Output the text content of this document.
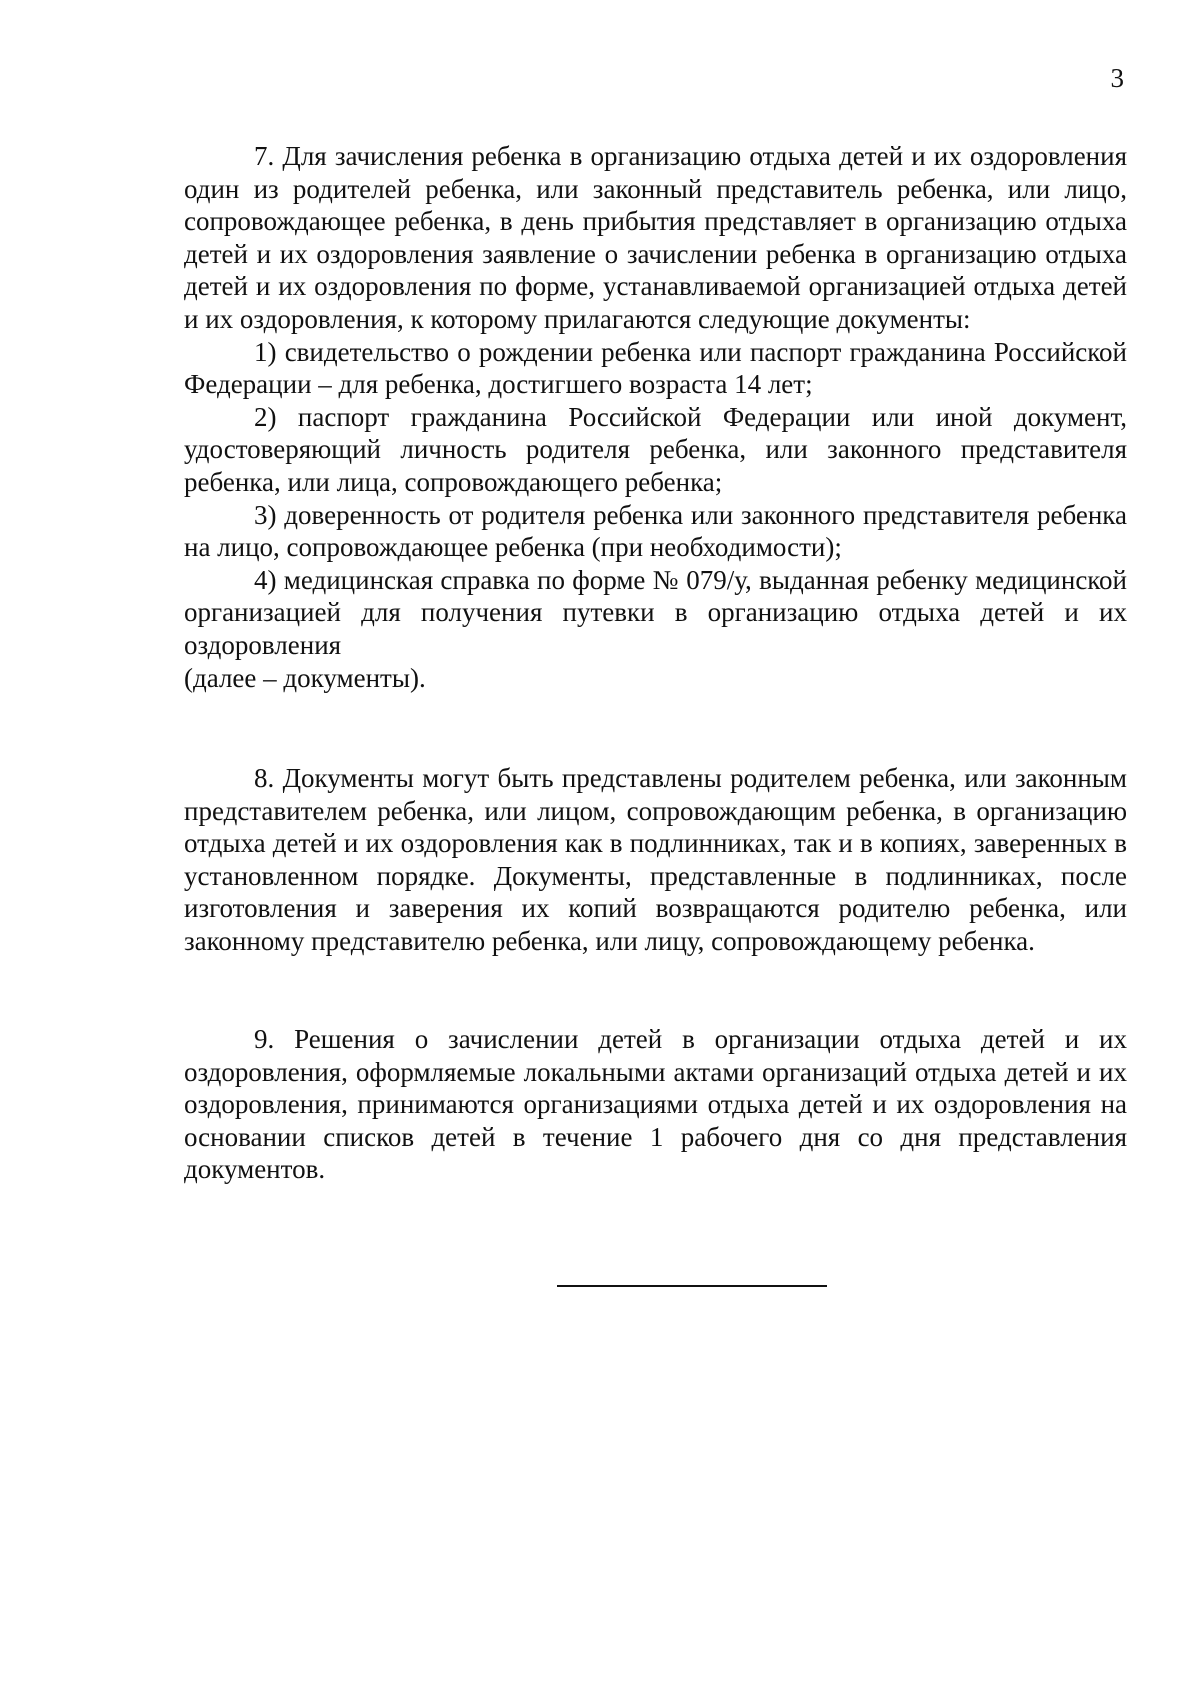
3

7. Для зачисления ребенка в организацию отдыха детей и их оздоровления один из родителей ребенка, или законный представитель ребенка, или лицо, сопровождающее ребенка, в день прибытия представляет в организацию отдыха детей и их оздоровления заявление о зачислении ребенка в организацию отдыха детей и их оздоровления по форме, устанавливаемой организацией отдыха детей и их оздоровления, к которому прилагаются следующие документы:

1) свидетельство о рождении ребенка или паспорт гражданина Российской Федерации – для ребенка, достигшего возраста 14 лет;

2) паспорт гражданина Российской Федерации или иной документ, удостоверяющий личность родителя ребенка, или законного представителя ребенка, или лица, сопровождающего ребенка;

3) доверенность от родителя ребенка или законного представителя ребенка на лицо, сопровождающее ребенка (при необходимости);

4) медицинская справка по форме № 079/у, выданная ребенку медицинской организацией для получения путевки в организацию отдыха детей и их оздоровления

(далее – документы).

8. Документы могут быть представлены родителем ребенка, или законным представителем ребенка, или лицом, сопровождающим ребенка, в организацию отдыха детей и их оздоровления как в подлинниках, так и в копиях, заверенных в установленном порядке. Документы, представленные в подлинниках, после изготовления и заверения их копий возвращаются родителю ребенка, или законному представителю ребенка, или лицу, сопровождающему ребенка.

9. Решения о зачислении детей в организации отдыха детей и их оздоровления, оформляемые локальными актами организаций отдыха детей и их оздоровления, принимаются организациями отдыха детей и их оздоровления на основании списков детей в течение 1 рабочего дня со дня представления документов.
